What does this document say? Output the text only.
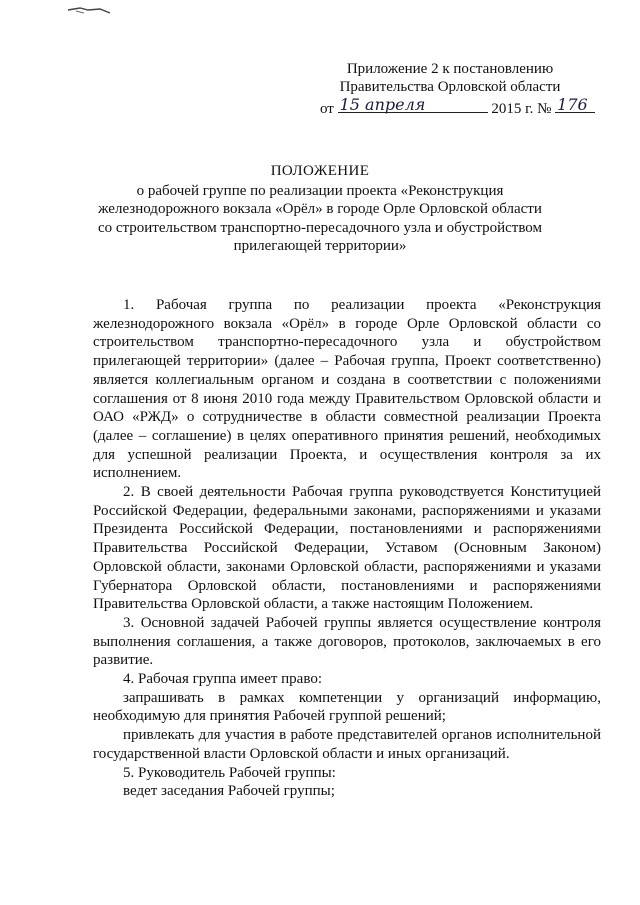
Приложение 2 к постановлению
Правительства Орловской области
от 15 апреля	2015 г. № 176
ПОЛОЖЕНИЕ
о рабочей группе по реализации проекта «Реконструкция
железнодорожного вокзала «Орёл» в городе Орле Орловской области
со строительством транспортно-пересадочного узла и обустройством
прилегающей территории»

1. Рабочая группа по реализации проекта «Реконструкция железнодорожного вокзала «Орёл» в городе Орле Орловской области со строительством транспортно-пересадочного узла и обустройством прилегающей территории» (далее – Рабочая группа, Проект соответственно) является коллегиальным органом и создана в соответствии с положениями соглашения от 8 июня 2010 года между Правительством Орловской области и ОАО «РЖД» о сотрудничестве в области совместной реализации Проекта (далее – соглашение) в целях оперативного принятия решений, необходимых для успешной реализации Проекта, и осуществления контроля за их исполнением.

2. В своей деятельности Рабочая группа руководствуется Конституцией Российской Федерации, федеральными законами, распоряжениями и указами Президента Российской Федерации, постановлениями и распоряжениями Правительства Российской Федерации, Уставом (Основным Законом) Орловской области, законами Орловской области, распоряжениями и указами Губернатора Орловской области, постановлениями и распоряжениями Правительства Орловской области, а также настоящим Положением.

3. Основной задачей Рабочей группы является осуществление контроля выполнения соглашения, а также договоров, протоколов, заключаемых в его развитие.

4. Рабочая группа имеет право:

запрашивать в рамках компетенции у организаций информацию, необходимую для принятия Рабочей группой решений;

привлекать для участия в работе представителей органов исполнительной государственной власти Орловской области и иных организаций.

5. Руководитель Рабочей группы:

ведет заседания Рабочей группы;
